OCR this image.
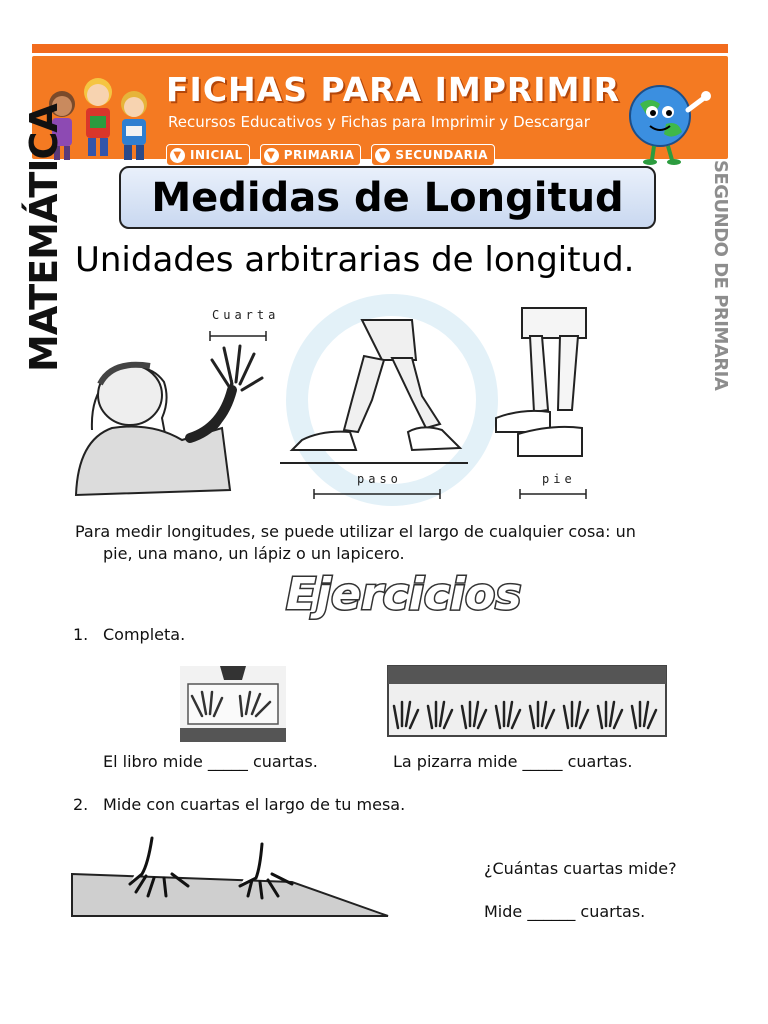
FICHAS PARA IMPRIMIR
Recursos Educativos y Fichas para Imprimir y Descargar
▼ INICIAL	▼ PRIMARIA	▼ SECUNDARIA
MATEMÁTICA	SEGUNDO DE PRIMARIA
Medidas de Longitud
Unidades arbitrarias de longitud.
Cuarta
paso	pie
Para medir longitudes, se puede utilizar el largo de cualquier cosa: un
pie, una mano, un lápiz o un lapicero.
Ejercicios
1. Completa.
El libro mide _____ cuartas.	La pizarra mide _____ cuartas.
2. Mide con cuartas el largo de tu mesa.
¿Cuántas cuartas mide?
Mide ______ cuartas.
